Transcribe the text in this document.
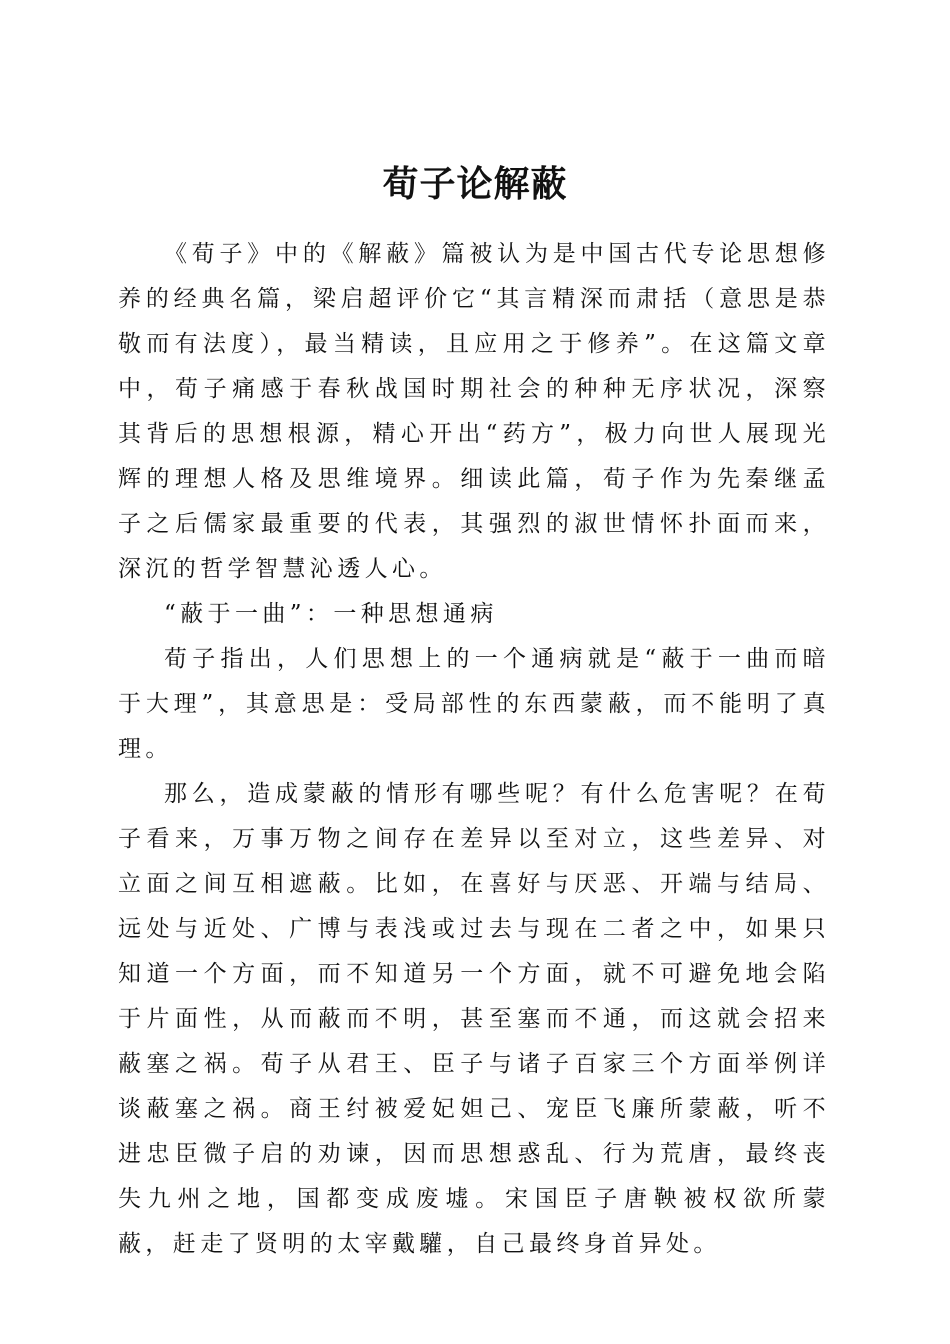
荀子论解蔽

《荀子》中的《解蔽》篇被认为是中国古代专论思想修养的经典名篇，梁启超评价它“其言精深而肃括（意思是恭敬而有法度），最当精读，且应用之于修养”。在这篇文章中，荀子痛感于春秋战国时期社会的种种无序状况，深察其背后的思想根源，精心开出“药方”，极力向世人展现光辉的理想人格及思维境界。细读此篇，荀子作为先秦继孟子之后儒家最重要的代表，其强烈的淑世情怀扑面而来，深沉的哲学智慧沁透人心。

“蔽于一曲”：一种思想通病

荀子指出，人们思想上的一个通病就是“蔽于一曲而暗于大理”，其意思是：受局部性的东西蒙蔽，而不能明了真理。

那么，造成蒙蔽的情形有哪些呢？有什么危害呢？在荀子看来，万事万物之间存在差异以至对立，这些差异、对立面之间互相遮蔽。比如，在喜好与厌恶、开端与结局、远处与近处、广博与表浅或过去与现在二者之中，如果只知道一个方面，而不知道另一个方面，就不可避免地会陷于片面性，从而蔽而不明，甚至塞而不通，而这就会招来蔽塞之祸。荀子从君王、臣子与诸子百家三个方面举例详谈蔽塞之祸。商王纣被爱妃妲己、宠臣飞廉所蒙蔽，听不进忠臣微子启的劝谏，因而思想惑乱、行为荒唐，最终丧失九州之地，国都变成废墟。宋国臣子唐鞅被权欲所蒙蔽，赶走了贤明的太宰戴驩，自己最终身首异处。
